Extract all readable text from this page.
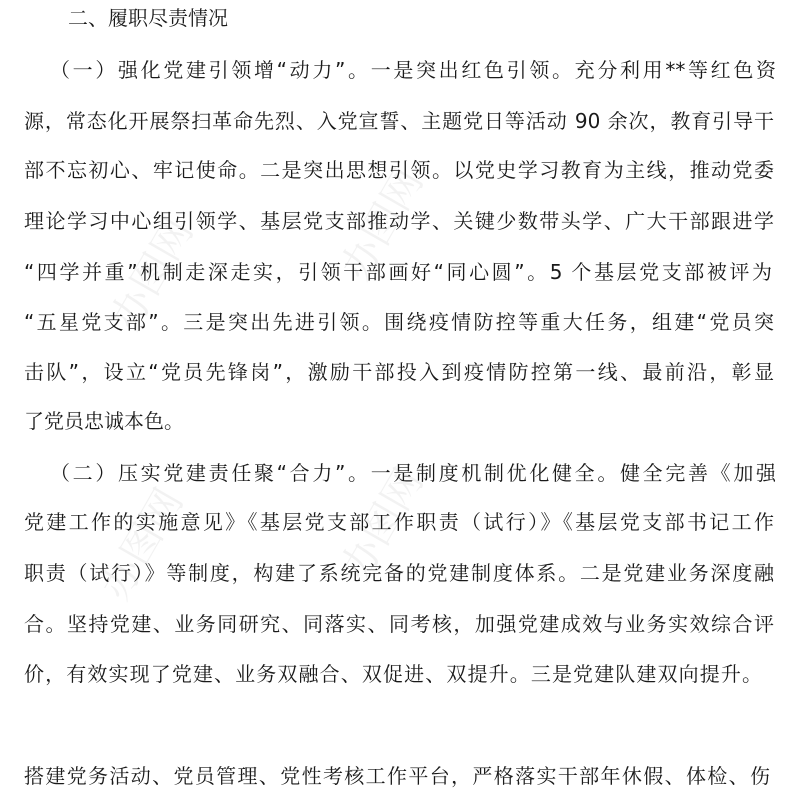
办图网	办图网
办图网	办图网
二、履职尽责情况
（一）强化党建引领增“动力”。一是突出红色引领。充分利用**等红色资
源，常态化开展祭扫革命先烈、入党宣誓、主题党日等活动 90 余次，教育引导干
部不忘初心、牢记使命。二是突出思想引领。以党史学习教育为主线，推动党委
理论学习中心组引领学、基层党支部推动学、关键少数带头学、广大干部跟进学
“四学并重”机制走深走实，引领干部画好“同心圆”。5 个基层党支部被评为
“五星党支部”。三是突出先进引领。围绕疫情防控等重大任务，组建“党员突
击队”，设立“党员先锋岗”，激励干部投入到疫情防控第一线、最前沿，彰显
了党员忠诚本色。
（二）压实党建责任聚“合力”。一是制度机制优化健全。健全完善《加强
党建工作的实施意见》《基层党支部工作职责（试行）》《基层党支部书记工作
职责（试行）》等制度，构建了系统完备的党建制度体系。二是党建业务深度融
合。坚持党建、业务同研究、同落实、同考核，加强党建成效与业务实效综合评
价，有效实现了党建、业务双融合、双促进、双提升。三是党建队建双向提升。
搭建党务活动、党员管理、党性考核工作平台，严格落实干部年休假、体检、伤
